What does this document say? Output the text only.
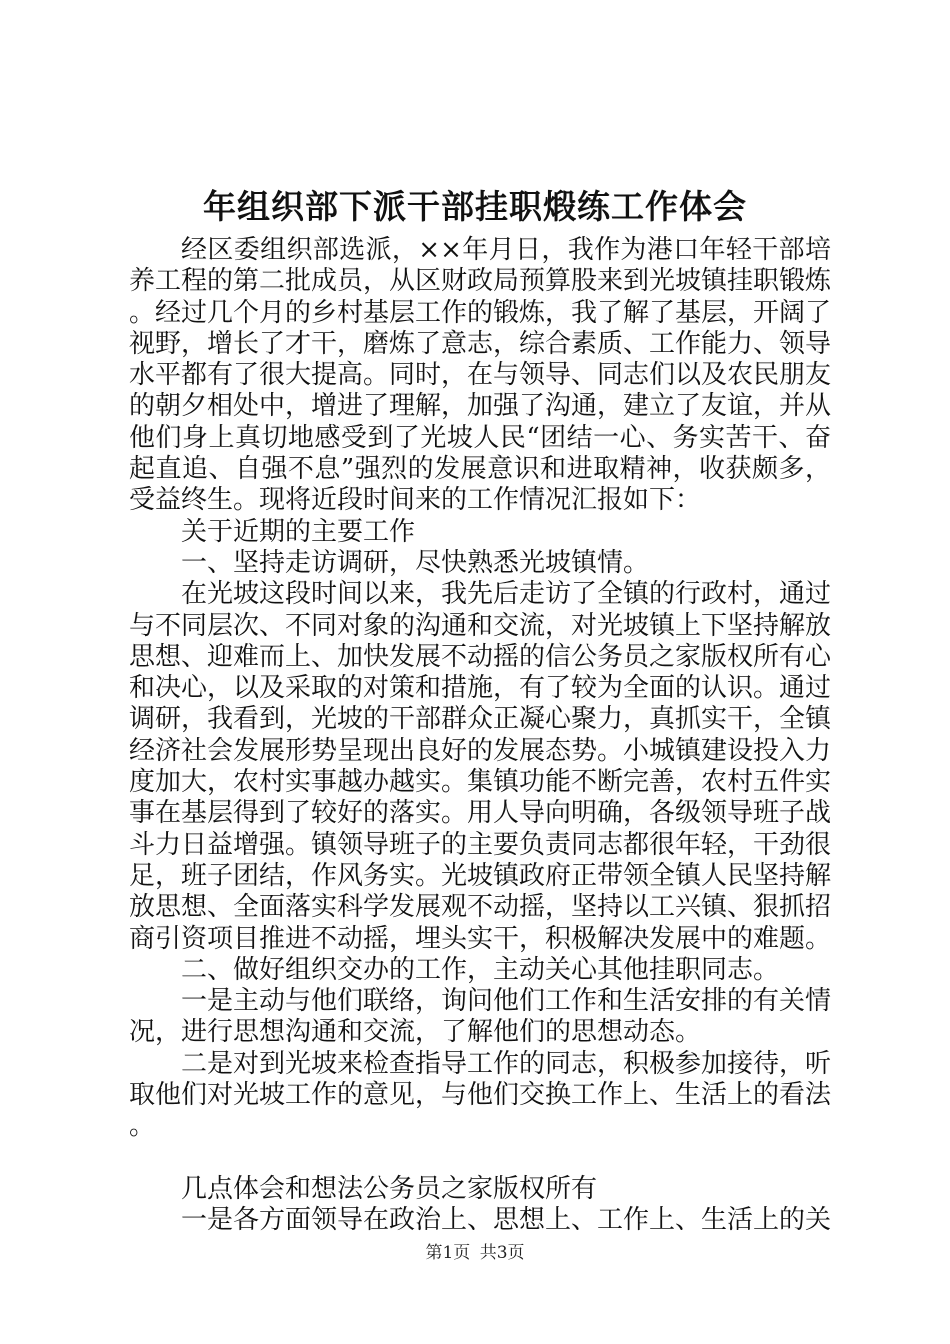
年组织部下派干部挂职煅练工作体会

经区委组织部选派，××年月日，我作为港口年轻干部培养工程的第二批成员，从区财政局预算股来到光坡镇挂职锻炼。经过几个月的乡村基层工作的锻炼，我了解了基层，开阔了视野，增长了才干，磨炼了意志，综合素质、工作能力、领导水平都有了很大提高。同时，在与领导、同志们以及农民朋友的朝夕相处中，增进了理解，加强了沟通，建立了友谊，并从他们身上真切地感受到了光坡人民“团结一心、务实苦干、奋起直追、自强不息”强烈的发展意识和进取精神，收获颇多，受益终生。现将近段时间来的工作情况汇报如下：

关于近期的主要工作

一、坚持走访调研，尽快熟悉光坡镇情。

在光坡这段时间以来，我先后走访了全镇的行政村，通过与不同层次、不同对象的沟通和交流，对光坡镇上下坚持解放思想、迎难而上、加快发展不动摇的信公务员之家版权所有心和决心，以及采取的对策和措施，有了较为全面的认识。通过调研，我看到，光坡的干部群众正凝心聚力，真抓实干，全镇经济社会发展形势呈现出良好的发展态势。小城镇建设投入力度加大，农村实事越办越实。集镇功能不断完善，农村五件实事在基层得到了较好的落实。用人导向明确，各级领导班子战斗力日益增强。镇领导班子的主要负责同志都很年轻，干劲很足，班子团结，作风务实。光坡镇政府正带领全镇人民坚持解放思想、全面落实科学发展观不动摇，坚持以工兴镇、狠抓招商引资项目推进不动摇，埋头实干，积极解决发展中的难题。

二、做好组织交办的工作，主动关心其他挂职同志。

一是主动与他们联络，询问他们工作和生活安排的有关情况，进行思想沟通和交流，了解他们的思想动态。

二是对到光坡来检查指导工作的同志，积极参加接待，听取他们对光坡工作的意见，与他们交换工作上、生活上的看法。

几点体会和想法公务员之家版权所有

一是各方面领导在政治上、思想上、工作上、生活上的关

第1页 共3页
